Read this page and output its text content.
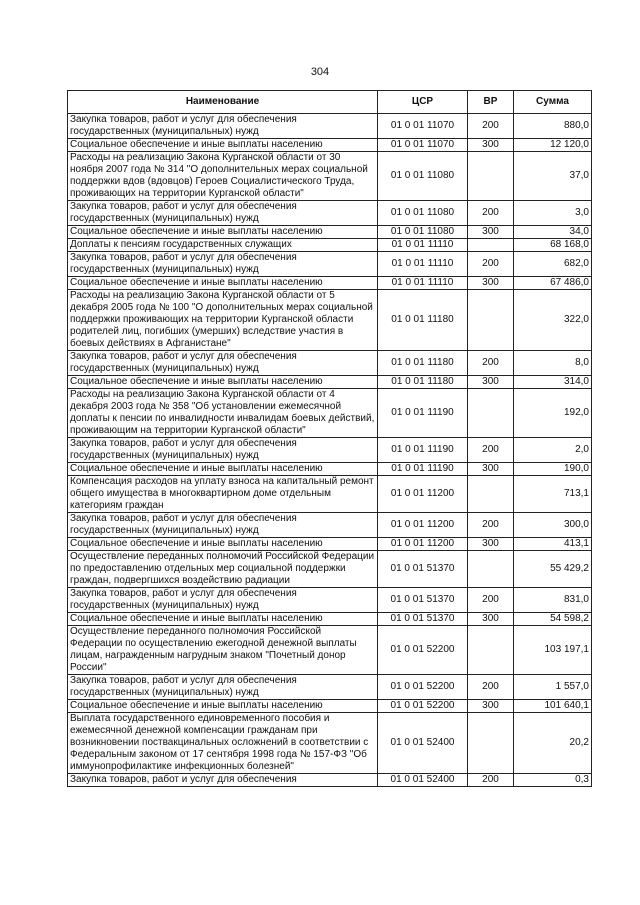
304
Наименование	ЦСР	ВР	Сумма
Закупка товаров, работ и услуг для обеспечения государственных (муниципальных) нужд	01 0 01 11070	200	880,0
Социальное обеспечение и иные выплаты населению	01 0 01 11070	300	12 120,0
Расходы на реализацию Закона Курганской области от 30 ноября 2007 года № 314 "О дополнительных мерах социальной поддержки вдов (вдовцов) Героев Социалистического Труда, проживающих на территории Курганской области"	01 0 01 11080		37,0
Закупка товаров, работ и услуг для обеспечения государственных (муниципальных) нужд	01 0 01 11080	200	3,0
Социальное обеспечение и иные выплаты населению	01 0 01 11080	300	34,0
Доплаты к пенсиям государственных служащих	01 0 01 11110		68 168,0
Закупка товаров, работ и услуг для обеспечения государственных (муниципальных) нужд	01 0 01 11110	200	682,0
Социальное обеспечение и иные выплаты населению	01 0 01 11110	300	67 486,0
Расходы на реализацию Закона Курганской области от 5 декабря 2005 года № 100 "О дополнительных мерах социальной поддержки проживающих на территории Курганской области родителей лиц, погибших (умерших) вследствие участия в боевых действиях в Афганистане"	01 0 01 11180		322,0
Закупка товаров, работ и услуг для обеспечения государственных (муниципальных) нужд	01 0 01 11180	200	8,0
Социальное обеспечение и иные выплаты населению	01 0 01 11180	300	314,0
Расходы на реализацию Закона Курганской области от 4 декабря 2003 года № 358 "Об установлении ежемесячной доплаты к пенсии по инвалидности инвалидам боевых действий, проживающим на территории Курганской области"	01 0 01 11190		192,0
Закупка товаров, работ и услуг для обеспечения государственных (муниципальных) нужд	01 0 01 11190	200	2,0
Социальное обеспечение и иные выплаты населению	01 0 01 11190	300	190,0
Компенсация расходов на уплату взноса на капитальный ремонт общего имущества в многоквартирном доме отдельным категориям граждан	01 0 01 11200		713,1
Закупка товаров, работ и услуг для обеспечения государственных (муниципальных) нужд	01 0 01 11200	200	300,0
Социальное обеспечение и иные выплаты населению	01 0 01 11200	300	413,1
Осуществление переданных полномочий Российской Федерации по предоставлению отдельных мер социальной поддержки граждан, подвергшихся воздействию радиации	01 0 01 51370		55 429,2
Закупка товаров, работ и услуг для обеспечения государственных (муниципальных) нужд	01 0 01 51370	200	831,0
Социальное обеспечение и иные выплаты населению	01 0 01 51370	300	54 598,2
Осуществление переданного полномочия Российской Федерации по осуществлению ежегодной денежной выплаты лицам, награжденным нагрудным знаком "Почетный донор России"	01 0 01 52200		103 197,1
Закупка товаров, работ и услуг для обеспечения государственных (муниципальных) нужд	01 0 01 52200	200	1 557,0
Социальное обеспечение и иные выплаты населению	01 0 01 52200	300	101 640,1
Выплата государственного единовременного пособия и ежемесячной денежной компенсации гражданам при возникновении поствакцинальных осложнений в соответствии с Федеральным законом от 17 сентября 1998 года № 157-ФЗ "Об иммунопрофилактике инфекционных болезней"	01 0 01 52400		20,2
Закупка товаров, работ и услуг для обеспечения	01 0 01 52400	200	0,3
